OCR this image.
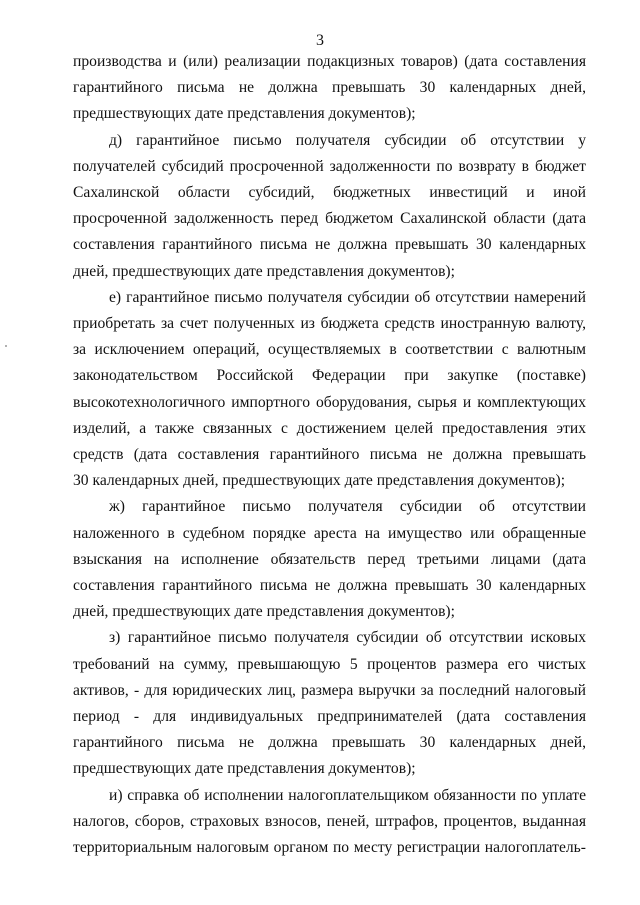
3

производства и (или) реализации подакцизных товаров) (дата составления
гарантийного письма не должна превышать 30 календарных дней,
предшествующих дате представления документов);

д) гарантийное письмо получателя субсидии об отсутствии у
получателей субсидий просроченной задолженности по возврату в бюджет
Сахалинской области субсидий, бюджетных инвестиций и иной
просроченной задолженность перед бюджетом Сахалинской области (дата
составления гарантийного письма не должна превышать 30 календарных
дней, предшествующих дате представления документов);

е) гарантийное письмо получателя субсидии об отсутствии намерений
приобретать за счет полученных из бюджета средств иностранную валюту,
за исключением операций, осуществляемых в соответствии с валютным
законодательством Российской Федерации при закупке (поставке)
высокотехнологичного импортного оборудования, сырья и комплектующих
изделий, а также связанных с достижением целей предоставления этих
средств (дата составления гарантийного письма не должна превышать
30 календарных дней, предшествующих дате представления документов);

ж) гарантийное письмо получателя субсидии об отсутствии
наложенного в судебном порядке ареста на имущество или обращенные
взыскания на исполнение обязательств перед третьими лицами (дата
составления гарантийного письма не должна превышать 30 календарных
дней, предшествующих дате представления документов);

з) гарантийное письмо получателя субсидии об отсутствии исковых
требований на сумму, превышающую 5 процентов размера его чистых
активов, - для юридических лиц, размера выручки за последний налоговый
период - для индивидуальных предпринимателей (дата составления
гарантийного письма не должна превышать 30 календарных дней,
предшествующих дате представления документов);

и) справка об исполнении налогоплательщиком обязанности по уплате
налогов, сборов, страховых взносов, пеней, штрафов, процентов, выданная
территориальным налоговым органом по месту регистрации налогоплатель-
